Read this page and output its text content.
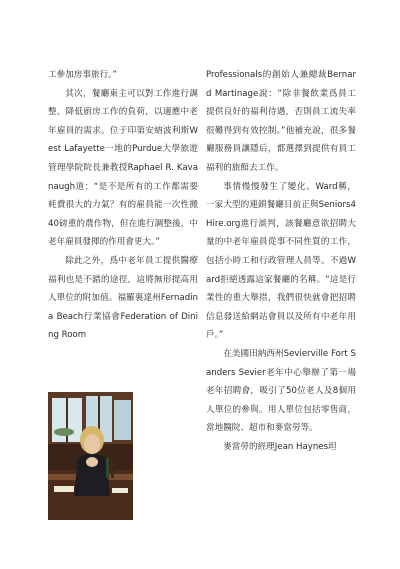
工參加房事旅行。”

其次，餐廳東主可以對工作進行調整，降低廚房工作的負荷，以適應中老年雇員的需求。位于印第安納波利斯West Lafayette一地的Purdue大學旅遊管理學院院長兼教授Raphael R. Kavanaugh道：“是不是所有的工作都需要耗費很大的力氣？有的雇員能一次性搬40磅重的農作物，但在進行調整後，中老年雇員發揮的作用會更大。”

除此之外，爲中老年員工提供醫療福利也是不錯的途徑，這將無形提高用人單位的附加值。福羅裏達州Fernadina Beach行業協會Federation of Dining Room

Professionals的創始人兼總裁Bernard Martinage說：“除非餐飲業爲員工提供良好的福利待遇，否則員工流失率很難得到有效控制。”他補充說，很多餐廳服務員讓隱后，都選擇到提供有員工福利的旅館去工作。

事情慢慢發生了變化。Ward稱，一家大型的連鎖餐廳目前正與Seniors4Hire.org進行談判，該餐廳意欲招聘大量的中老年雇員從事不同性質的工作，包括小時工和行政管理人員等。不過Ward拒絕透露這家餐廳的名稱。“這是行業性的重大舉措，我們很快就會把招聘信息發送給網站會員以及所有中老年用戶。”

在美國田納西州Sevierville Fort Sanders Sevier老年中心舉辦了第一場老年招聘會，吸引了50位老人及8個用人單位的參與。用人單位包括零售商，當地醫院、超市和麥當勞等。

麥當勞的經理Jean Haynes坦
